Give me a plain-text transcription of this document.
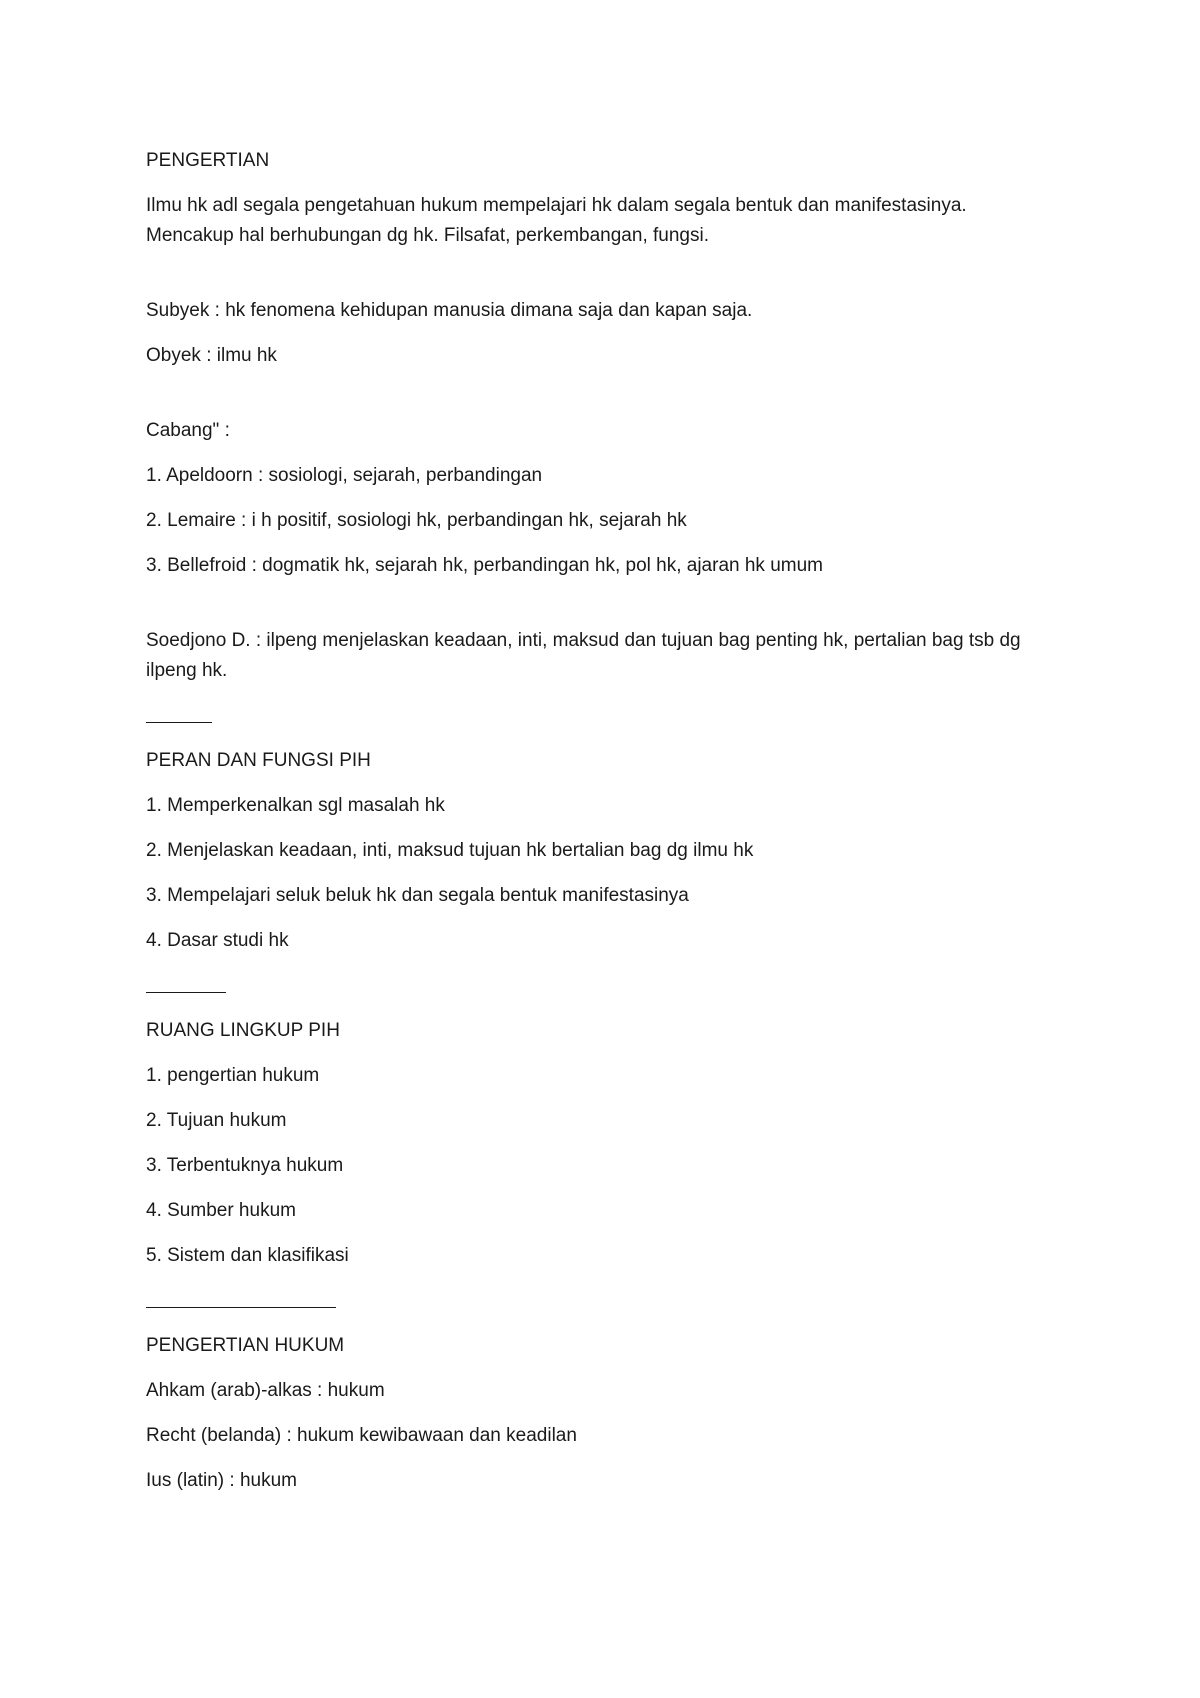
PENGERTIAN

Ilmu hk adl segala pengetahuan hukum mempelajari hk dalam segala bentuk dan manifestasinya. Mencakup hal berhubungan dg hk. Filsafat, perkembangan, fungsi.

Subyek : hk fenomena kehidupan manusia dimana saja dan kapan saja.

Obyek : ilmu hk

Cabang" :

1. Apeldoorn : sosiologi, sejarah, perbandingan

2. Lemaire : i h positif, sosiologi hk, perbandingan hk, sejarah hk

3. Bellefroid : dogmatik hk, sejarah hk, perbandingan hk, pol hk, ajaran hk umum

Soedjono D. : ilpeng menjelaskan keadaan, inti, maksud dan tujuan bag penting hk, pertalian bag tsb dg ilpeng hk.

PERAN DAN FUNGSI PIH

1. Memperkenalkan sgl masalah hk

2. Menjelaskan keadaan, inti, maksud tujuan hk bertalian bag dg ilmu hk

3. Mempelajari seluk beluk hk dan segala bentuk manifestasinya

4. Dasar studi hk

RUANG LINGKUP PIH

1. pengertian hukum

2. Tujuan hukum

3. Terbentuknya hukum

4. Sumber hukum

5. Sistem dan klasifikasi

PENGERTIAN HUKUM

Ahkam (arab)-alkas : hukum

Recht (belanda) : hukum kewibawaan dan keadilan

Ius (latin) : hukum
